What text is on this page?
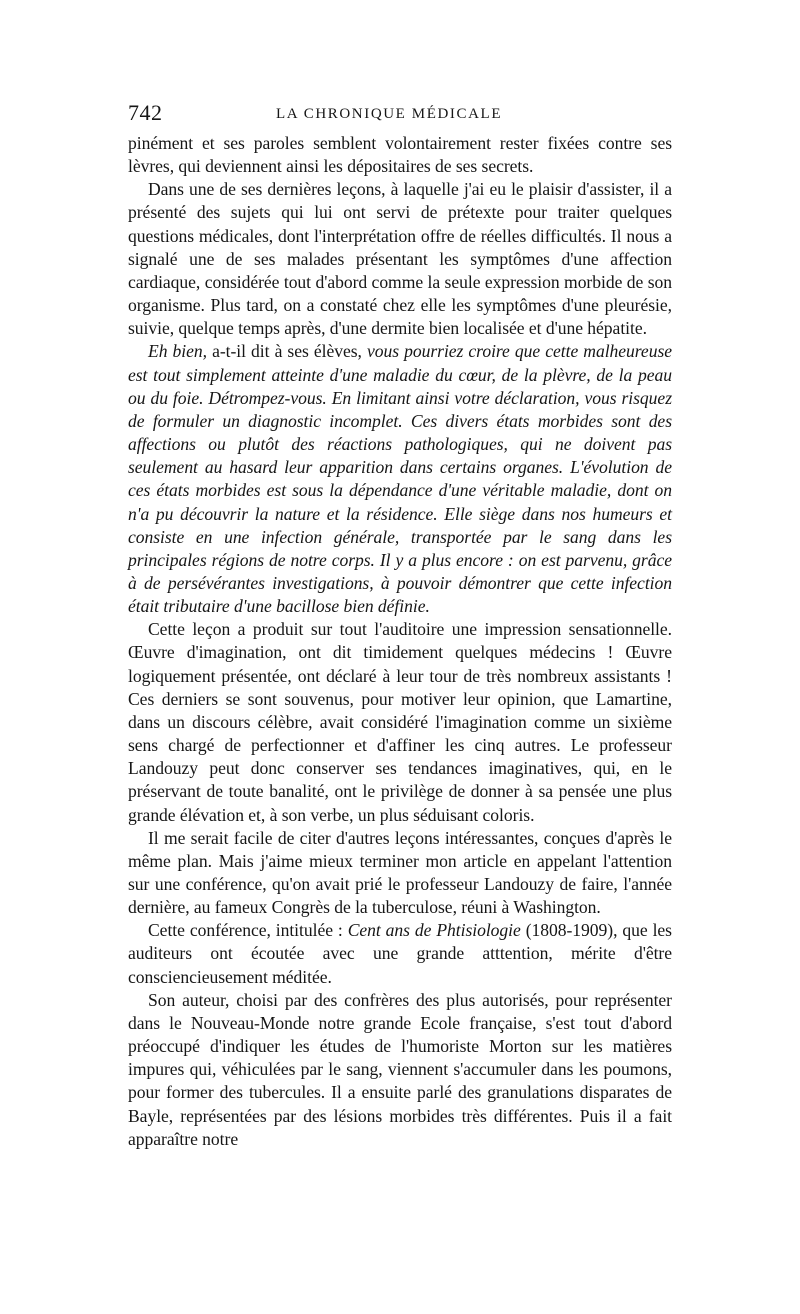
742	LA CHRONIQUE MÉDICALE

pinément et ses paroles semblent volontairement rester fixées contre ses lèvres, qui deviennent ainsi les dépositaires de ses secrets.

Dans une de ses dernières leçons, à laquelle j'ai eu le plaisir d'assister, il a présenté des sujets qui lui ont servi de prétexte pour traiter quelques questions médicales, dont l'interprétation offre de réelles difficultés. Il nous a signalé une de ses malades présentant les symptômes d'une affection cardiaque, considérée tout d'abord comme la seule expression morbide de son organisme. Plus tard, on a constaté chez elle les symptômes d'une pleurésie, suivie, quelque temps après, d'une dermite bien localisée et d'une hépatite.

Eh bien, a-t-il dit à ses élèves, vous pourriez croire que cette malheureuse est tout simplement atteinte d'une maladie du cœur, de la plèvre, de la peau ou du foie. Détrompez-vous. En limitant ainsi votre déclaration, vous risquez de formuler un diagnostic incomplet. Ces divers états morbides sont des affections ou plutôt des réactions pathologiques, qui ne doivent pas seulement au hasard leur apparition dans certains organes. L'évolution de ces états morbides est sous la dépendance d'une véritable maladie, dont on n'a pu découvrir la nature et la résidence. Elle siège dans nos humeurs et consiste en une infection générale, transportée par le sang dans les principales régions de notre corps. Il y a plus encore : on est parvenu, grâce à de persévérantes investigations, à pouvoir démontrer que cette infection était tributaire d'une bacillose bien définie.

Cette leçon a produit sur tout l'auditoire une impression sensationnelle. Œuvre d'imagination, ont dit timidement quelques médecins ! Œuvre logiquement présentée, ont déclaré à leur tour de très nombreux assistants ! Ces derniers se sont souvenus, pour motiver leur opinion, que Lamartine, dans un discours célèbre, avait considéré l'imagination comme un sixième sens chargé de perfectionner et d'affiner les cinq autres. Le professeur Landouzy peut donc conserver ses tendances imaginatives, qui, en le préservant de toute banalité, ont le privilège de donner à sa pensée une plus grande élévation et, à son verbe, un plus séduisant coloris.

Il me serait facile de citer d'autres leçons intéressantes, conçues d'après le même plan. Mais j'aime mieux terminer mon article en appelant l'attention sur une conférence, qu'on avait prié le professeur Landouzy de faire, l'année dernière, au fameux Congrès de la tuberculose, réuni à Washington.

Cette conférence, intitulée : Cent ans de Phtisiologie (1808-1909), que les auditeurs ont écoutée avec une grande atttention, mérite d'être consciencieusement méditée.

Son auteur, choisi par des confrères des plus autorisés, pour représenter dans le Nouveau-Monde notre grande Ecole française, s'est tout d'abord préoccupé d'indiquer les études de l'humoriste Morton sur les matières impures qui, véhiculées par le sang, viennent s'accumuler dans les poumons, pour former des tubercules. Il a ensuite parlé des granulations disparates de Bayle, représentées par des lésions morbides très différentes. Puis il a fait apparaître notre
